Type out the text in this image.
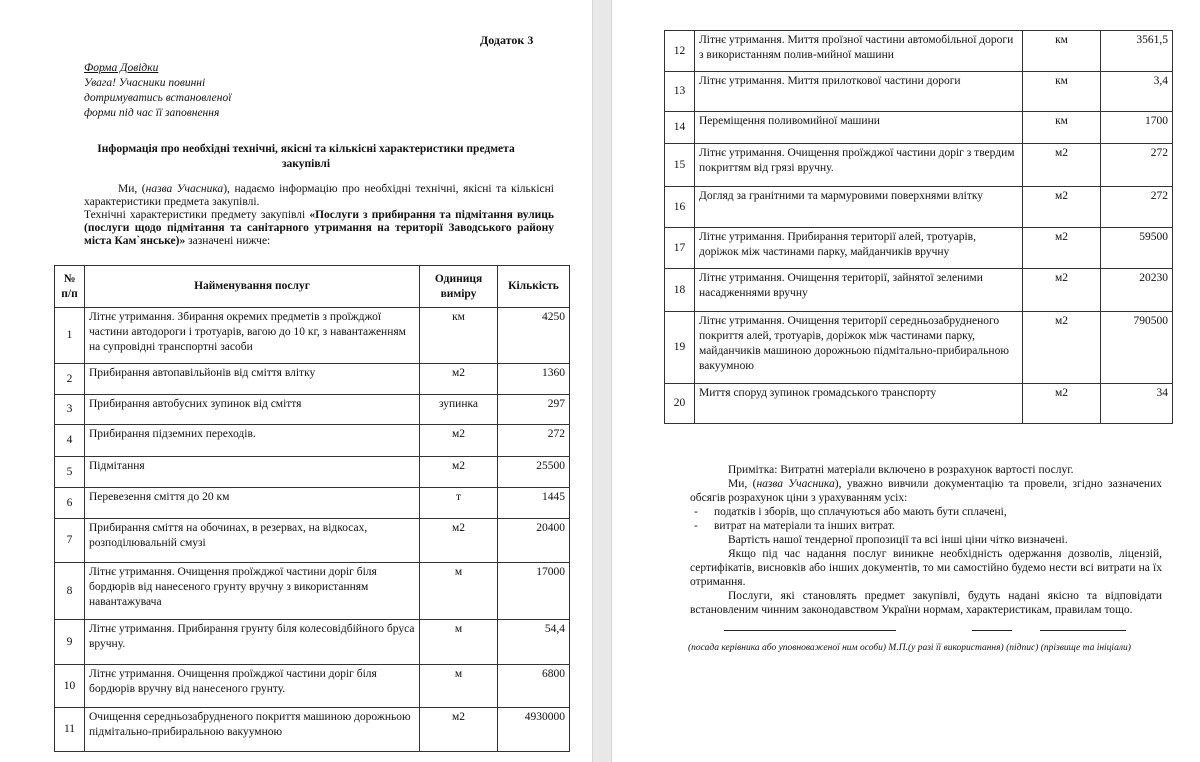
Додаток 3
Форма Довідки
Увага! Учасники повинні
дотримуватись встановленої
форми під час її заповнення
Інформація про необхідні технічні, якісні та кількісні характеристики предмета
закупівлі

Ми, (назва Учасника), надаємо інформацію про необхідні технічні, якісні та кількісні характеристики предмета закупівлі.

Технічні характеристики предмету закупівлі «Послуги з прибирання та підмітання вулиць (послуги щодо підмітання та санітарного утримання на території Заводського району міста Кам`янське)» зазначені нижче:

№ п/п	Найменування послуг	Одиниця виміру	Кількість
1	Літнє утримання. Збирання окремих предметів з проїжджої частини автодороги і тротуарів, вагою до 10 кг, з навантаженням на супровідні транспортні засоби	км	4250
2	Прибирання автопавільйонів від сміття влітку	м2	1360
3	Прибирання автобусних зупинок від сміття	зупинка	297
4	Прибирання підземних переходів.	м2	272
5	Підмітання	м2	25500
6	Перевезення сміття до 20 км	т	1445
7	Прибирання сміття на обочинах, в резервах, на відкосах, розподілювальній смузі	м2	20400
8	Літнє утримання. Очищення проїжджої частини доріг біля бордюрів від нанесеного грунту вручну з використанням навантажувача	м	17000
9	Літнє утримання. Прибирання грунту біля колесовідбійного бруса вручну.	м	54,4
10	Літнє утримання. Очищення проїжджої частини доріг біля бордюрів вручну від нанесеного грунту.	м	6800
11	Очищення середньозабрудненого покриття машиною дорожньою підмітально-прибиральною вакуумною	м2	4930000
12	Літнє утримання. Миття проїзної частини автомобільної дороги з використанням полив-мийної машини	км	3561,5
13	Літнє утримання. Миття прилоткової частини дороги	км	3,4
14	Переміщення поливомийної машини	км	1700
15	Літнє утримання. Очищення проїжджої частини доріг з твердим покриттям від грязі вручну.	м2	272
16	Догляд за гранітними та мармуровими поверхнями влітку	м2	272
17	Літнє утримання. Прибирання території алей, тротуарів, доріжок між частинами парку, майданчиків вручну	м2	59500
18	Літнє утримання. Очищення території, зайнятої зеленими насадженнями вручну	м2	20230
19	Літнє утримання. Очищення території середньозабрудненого покриття алей, тротуарів, доріжок між частинами парку, майданчиків машиною дорожньою підмітально-прибиральною вакуумною	м2	790500
20	Миття споруд зупинок громадського транспорту	м2	34

Примітка: Витратні матеріали включено в розрахунок вартості послуг.

Ми, (назва Учасника), уважно вивчили документацію та провели, згідно зазначених обсягів розрахунок ціни з урахуванням усіх:

- податків і зборів, що сплачуються або мають бути сплачені,
- витрат на матеріали та інших витрат.

Вартість нашої тендерної пропозиції та всі інші ціни чітко визначені.

Якщо під час надання послуг виникне необхідність одержання дозволів, ліцензій, сертифікатів, висновків або інших документів, то ми самостійно будемо нести всі витрати на їх отримання.

Послуги, які становлять предмет закупівлі, будуть надані якісно та відповідати встановленим чинним законодавством України нормам, характеристикам, правилам тощо.

(посада керівника або уповноваженої ним особи) М.П.(у разі її використання) (підпис) (прізвище та ініціали)
